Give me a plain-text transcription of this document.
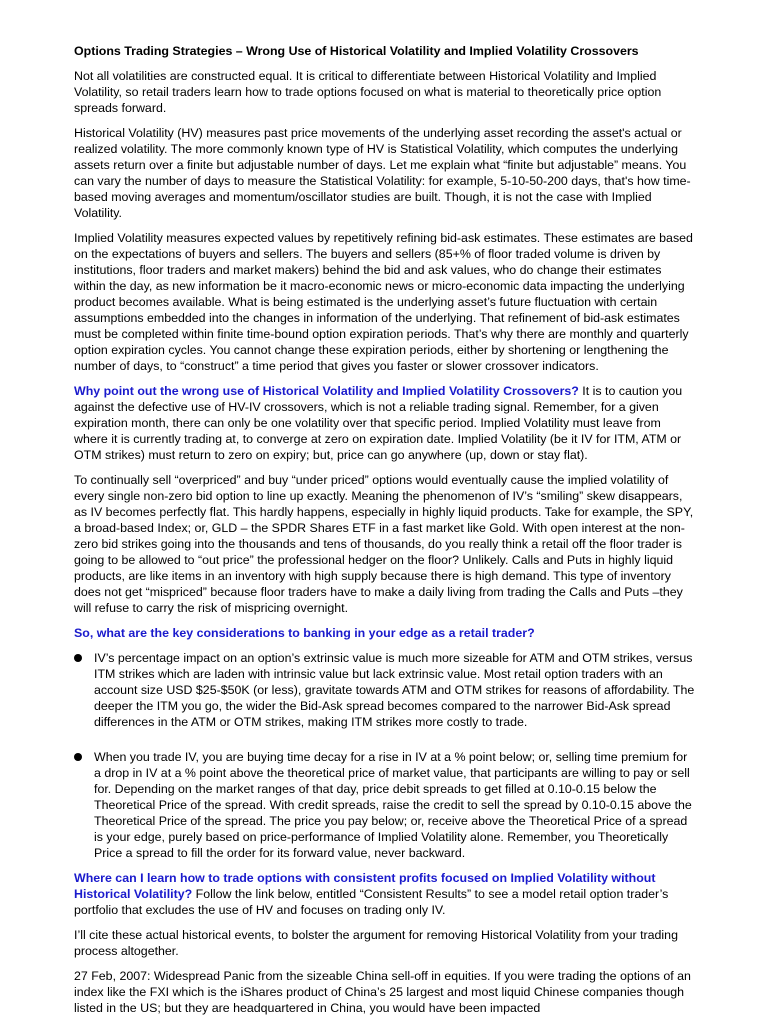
Options Trading Strategies – Wrong Use of Historical Volatility and Implied Volatility Crossovers

Not all volatilities are constructed equal. It is critical to differentiate between Historical Volatility and Implied Volatility, so retail traders learn how to trade options focused on what is material to theoretically price option spreads forward.

Historical Volatility (HV) measures past price movements of the underlying asset recording the asset's actual or realized volatility. The more commonly known type of HV is Statistical Volatility, which computes the underlying assets return over a finite but adjustable number of days. Let me explain what “finite but adjustable” means. You can vary the number of days to measure the Statistical Volatility: for example, 5-10-50-200 days, that's how time-based moving averages and momentum/oscillator studies are built. Though, it is not the case with Implied Volatility.

Implied Volatility measures expected values by repetitively refining bid-ask estimates. These estimates are based on the expectations of buyers and sellers. The buyers and sellers (85+% of floor traded volume is driven by institutions, floor traders and market makers) behind the bid and ask values, who do change their estimates within the day, as new information be it macro-economic news or micro-economic data impacting the underlying product becomes available. What is being estimated is the underlying asset’s future fluctuation with certain assumptions embedded into the changes in information of the underlying. That refinement of bid-ask estimates must be completed within finite time-bound option expiration periods. That’s why there are monthly and quarterly option expiration cycles. You cannot change these expiration periods, either by shortening or lengthening the number of days, to “construct” a time period that gives you faster or slower crossover indicators.

Why point out the wrong use of Historical Volatility and Implied Volatility Crossovers? It is to caution you against the defective use of HV-IV crossovers, which is not a reliable trading signal. Remember, for a given expiration month, there can only be one volatility over that specific period. Implied Volatility must leave from where it is currently trading at, to converge at zero on expiration date. Implied Volatility (be it IV for ITM, ATM or OTM strikes) must return to zero on expiry; but, price can go anywhere (up, down or stay flat).

To continually sell “overpriced” and buy “under priced” options would eventually cause the implied volatility of every single non-zero bid option to line up exactly. Meaning the phenomenon of IV’s “smiling” skew disappears, as IV becomes perfectly flat. This hardly happens, especially in highly liquid products. Take for example, the SPY, a broad-based Index; or, GLD – the SPDR Shares ETF in a fast market like Gold. With open interest at the non-zero bid strikes going into the thousands and tens of thousands, do you really think a retail off the floor trader is going to be allowed to “out price” the professional hedger on the floor? Unlikely. Calls and Puts in highly liquid products, are like items in an inventory with high supply because there is high demand. This type of inventory does not get “mispriced” because floor traders have to make a daily living from trading the Calls and Puts –they will refuse to carry the risk of mispricing overnight.

So, what are the key considerations to banking in your edge as a retail trader?

IV’s percentage impact on an option’s extrinsic value is much more sizeable for ATM and OTM strikes, versus ITM strikes which are laden with intrinsic value but lack extrinsic value. Most retail option traders with an account size USD $25-$50K (or less), gravitate towards ATM and OTM strikes for reasons of affordability. The deeper the ITM you go, the wider the Bid-Ask spread becomes compared to the narrower Bid-Ask spread differences in the ATM or OTM strikes, making ITM strikes more costly to trade.
When you trade IV, you are buying time decay for a rise in IV at a % point below; or, selling time premium for a drop in IV at a % point above the theoretical price of market value, that participants are willing to pay or sell for. Depending on the market ranges of that day, price debit spreads to get filled at 0.10-0.15 below the Theoretical Price of the spread. With credit spreads, raise the credit to sell the spread by 0.10-0.15 above the Theoretical Price of the spread. The price you pay below; or, receive above the Theoretical Price of a spread is your edge, purely based on price-performance of Implied Volatility alone. Remember, you Theoretically Price a spread to fill the order for its forward value, never backward.

Where can I learn how to trade options with consistent profits focused on Implied Volatility without Historical Volatility? Follow the link below, entitled “Consistent Results” to see a model retail option trader’s portfolio that excludes the use of HV and focuses on trading only IV.

I’ll cite these actual historical events, to bolster the argument for removing Historical Volatility from your trading process altogether.

27 Feb, 2007: Widespread Panic from the sizeable China sell-off in equities. If you were trading the options of an index like the FXI which is the iShares product of China’s 25 largest and most liquid Chinese companies though listed in the US; but they are headquartered in China, you would have been impacted
